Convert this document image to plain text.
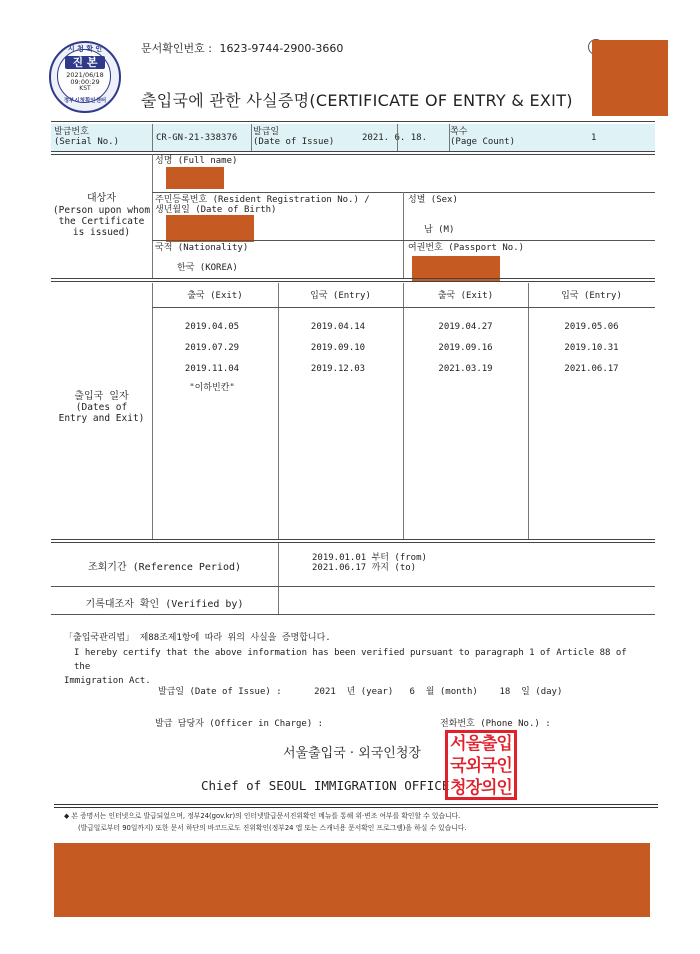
시 청 확 인
진 본
2021/06/18
09:00:29
KST
정부시청확인센터
문서확인번호 : 1623-9744-2900-3660
출입국에 관한 사실증명(CERTIFICATE OF ENTRY & EXIT)
발급번호
(Serial No.)	CR-GN-21-338376
발급일
(Date of Issue)	2021. 6. 18.
쪽수
(Page Count)	1
대상자
(Person upon whom
the Certificate
is issued)
성명 (Full name)
주민등록번호 (Resident Registration No.) /
생년월일 (Date of Birth)
성별 (Sex)
남 (M)
국적 (Nationality)
한국 (KOREA)
여권번호 (Passport No.)
출입국 일자
(Dates of
Entry and Exit)
출국 (Exit)	입국 (Entry)	출국 (Exit)	입국 (Entry)
2019.04.05	2019.04.14	2019.04.27	2019.05.06
2019.07.29	2019.09.10	2019.09.16	2019.10.31
2019.11.04	2019.12.03	2021.03.19	2021.06.17
"이하빈칸"
조회기간 (Reference Period)
2019.01.01 부터 (from)
2021.06.17 까지 (to)
기록대조자 확인 (Verified by)
「출입국관리법」 제88조제1항에 따라 위의 사실을 증명합니다.
I hereby certify that the above information has been verified pursuant to paragraph 1 of Article 88 of the
Immigration Act.
발급일 (Date of Issue) :      2021  년 (year)   6  월 (month)    18  일 (day)
발급 담당자 (Officer in Charge) :	전화번호 (Phone No.) :
서울출입국 · 외국인청장
Chief of SEOUL IMMIGRATION OFFICE
서울출입
국외국인
청장의인
◆ 본 증명서는 인터넷으로 발급되었으며, 정부24(gov.kr)의 인터넷발급문서진위확인 메뉴를 통해 위·변조 여부를 확인할 수 있습니다.
(발급일로부터 90일까지) 또한 문서 하단의 바코드로도 진위확인(정부24 앱 또는 스캐너용 문서확인 프로그램)을 하실 수 있습니다.
